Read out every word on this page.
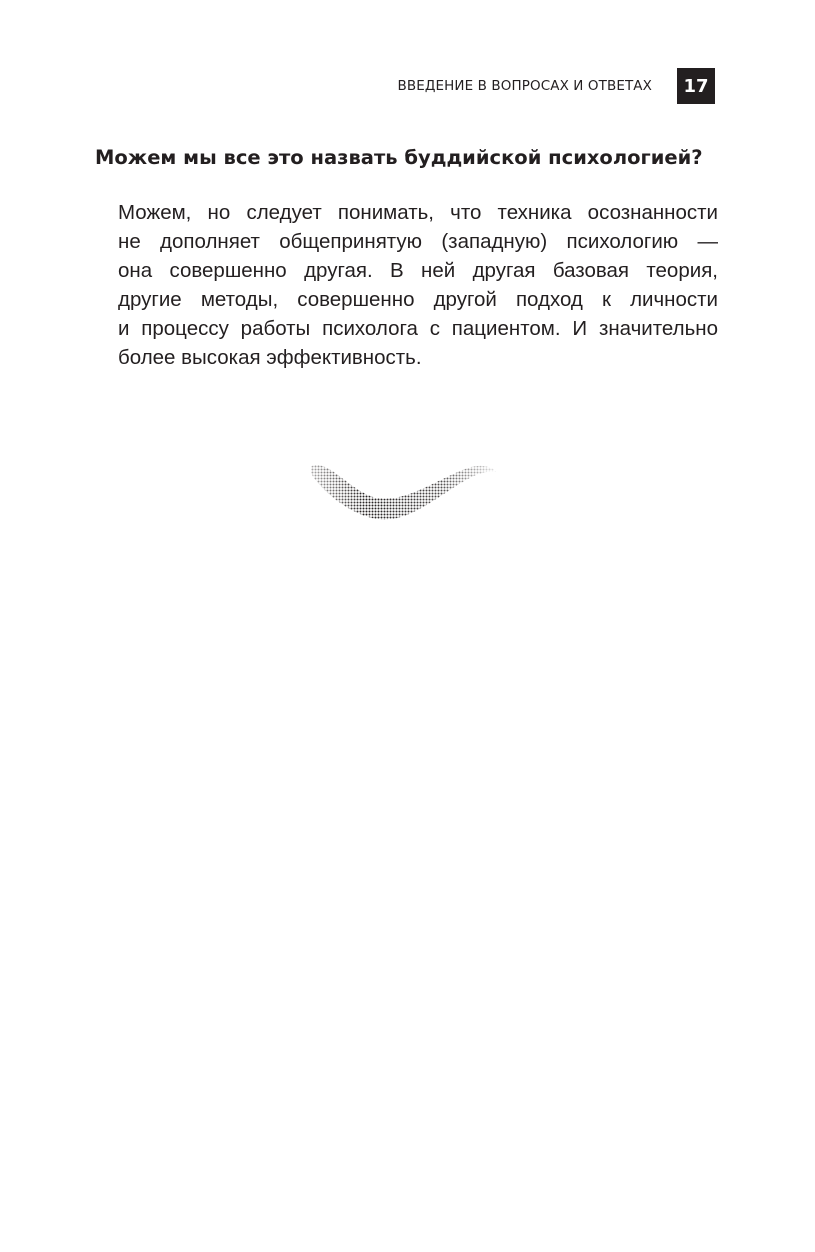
ВВЕДЕНИЕ В ВОПРОСАХ И ОТВЕТАХ	17
Можем мы все это назвать буддийской психологией?

Можем, но следует понимать, что техника осознанности
не дополняет общепринятую (западную) психологию —
она совершенно другая. В ней другая базовая теория,
другие методы, совершенно другой подход к личности
и процессу работы психолога с пациентом. И значительно
более высокая эффективность.
